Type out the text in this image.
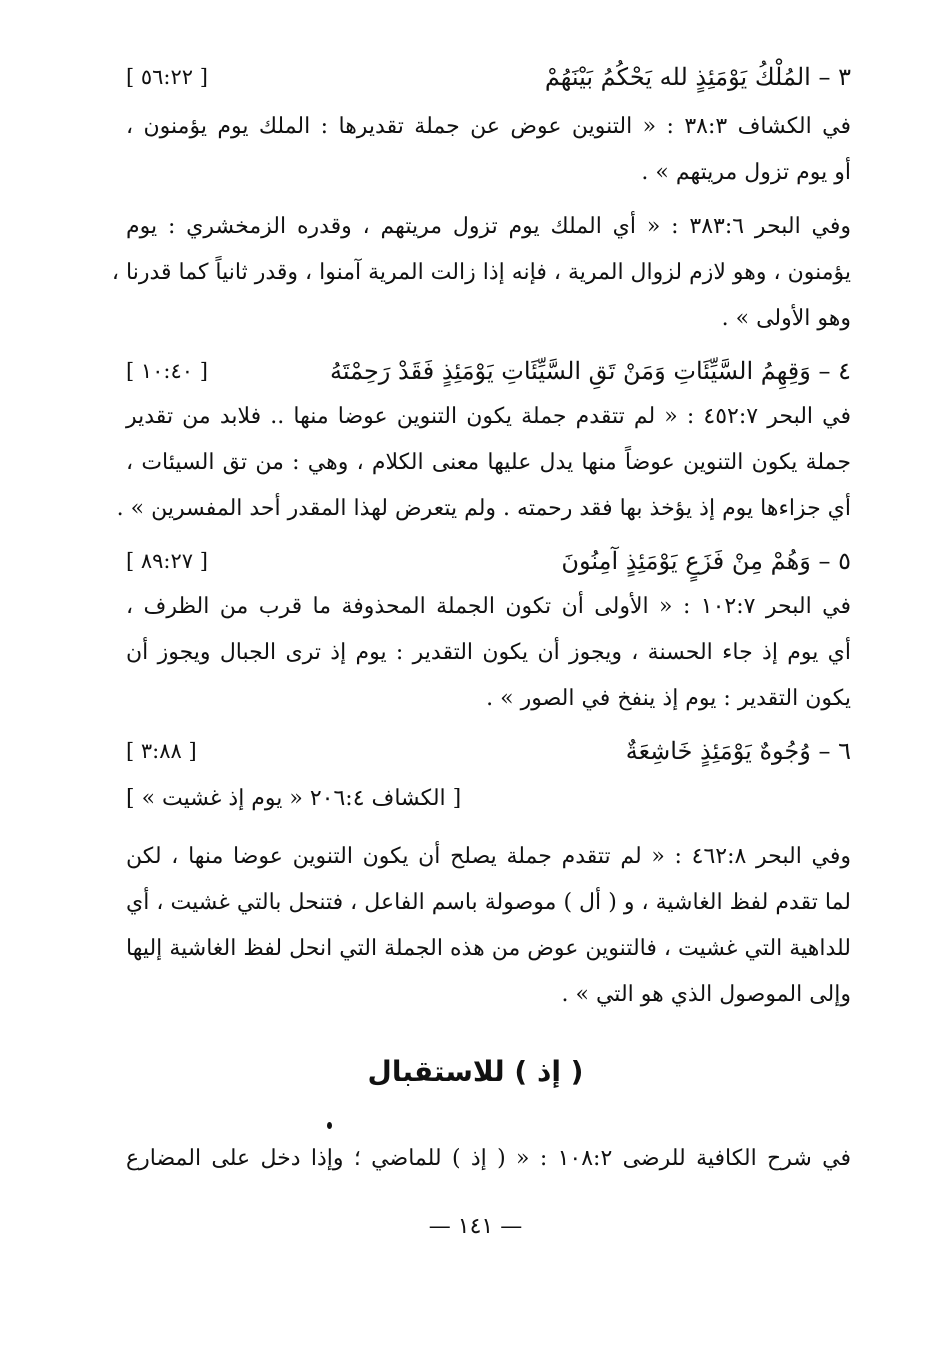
٣ – المُلْكُ يَوْمَئِذٍ لله يَحْكُمُ بَيْنَهُمْ
[ ٥٦:٢٢ ]
في الكشاف ٣٨:٣ : « التنوين عوض عن جملة تقديرها : الملك يوم يؤمنون ،
أو يوم تزول مريتهم » .
وفي البحر ٣٨٣:٦ : « أي الملك يوم تزول مريتهم ، وقدره الزمخشري : يوم
يؤمنون ، وهو لازم لزوال المرية ، فإنه إذا زالت المرية آمنوا ، وقدر ثانياً كما قدرنا ،
وهو الأولى » .
٤ – وَقِهِمُ السَّيِّئَاتِ وَمَنْ تَقِ السَّيِّئَاتِ يَوْمَئِذٍ فَقَدْ رَحِمْتَهُ
[ ١٠:٤٠ ]
في البحر ٤٥٢:٧ : « لم تتقدم جملة يكون التنوين عوضا منها .. فلابد من تقدير
جملة يكون التنوين عوضاً منها يدل عليها معنى الكلام ، وهي : من تق السيئات ،
أي جزاءها يوم إذ يؤخذ بها فقد رحمته . ولم يتعرض لهذا المقدر أحد المفسرين » .
٥ – وَهُمْ مِنْ فَزَعٍ يَوْمَئِذٍ آمِنُونَ
[ ٨٩:٢٧ ]
في البحر ١٠٢:٧ : « الأولى أن تكون الجملة المحذوفة ما قرب من الظرف ،
أي يوم إذ جاء الحسنة ، ويجوز أن يكون التقدير : يوم إذ ترى الجبال ويجوز أن
يكون التقدير : يوم إذ ينفخ في الصور » .
٦ – وُجُوهٌ يَوْمَئِذٍ خَاشِعَةٌ
[ ٣:٨٨ ]
[ الكشاف ٢٠٦:٤ « يوم إذ غشيت » ]
وفي البحر ٤٦٢:٨ : « لم تتقدم جملة يصلح أن يكون التنوين عوضا منها ، لكن
لما تقدم لفظ الغاشية ، و ( أل ) موصولة باسم الفاعل ، فتنحل بالتي غشيت ، أي
للداهية التي غشيت ، فالتنوين عوض من هذه الجملة التي انحل لفظ الغاشية إليها
وإلى الموصول الذي هو التي » .
( إذ ) للاستقبال
في شرح الكافية للرضى ١٠٨:٢ : « ( إذ ) للماضي ؛ وإذا دخل على المضارع
— ١٤١ —
